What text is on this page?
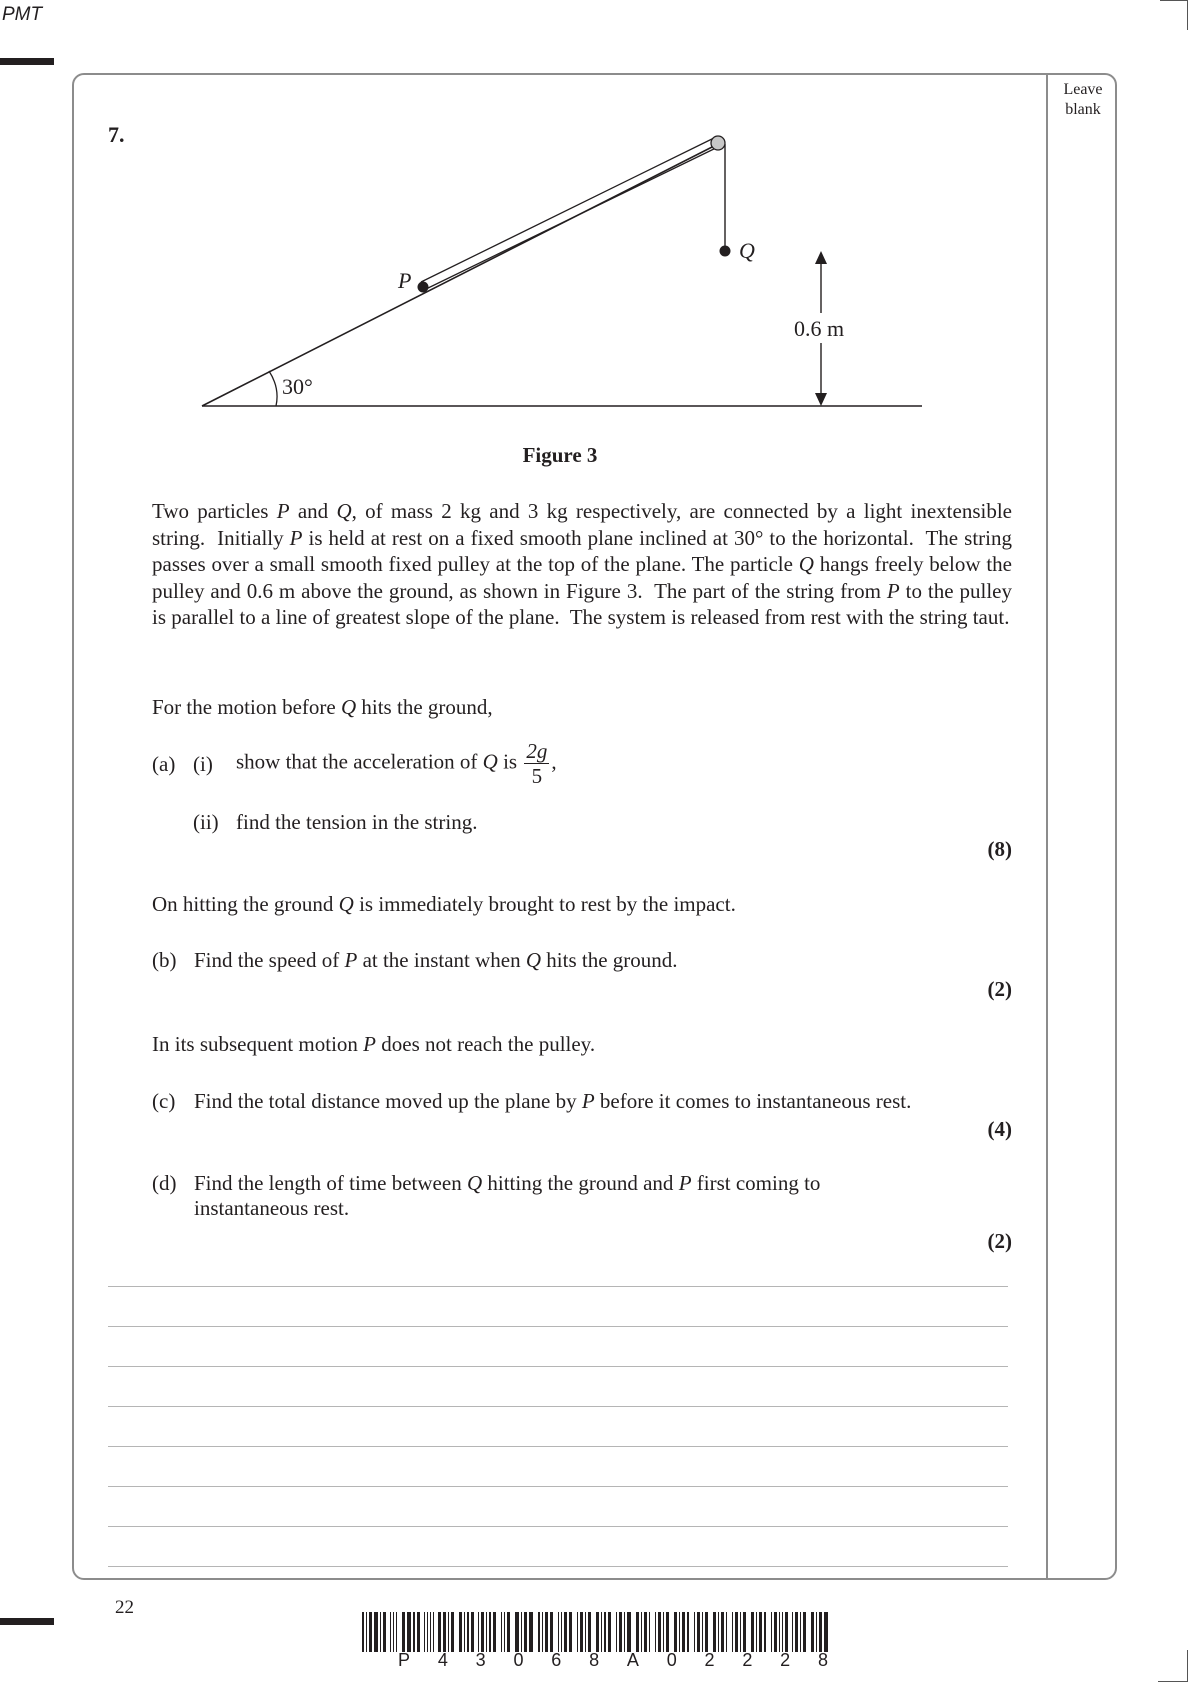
PMT
Leave
blank
7.
30°
P
Q
0.6 m
Figure 3
Two particles P and Q, of mass 2 kg and 3 kg respectively, are connected by a light inextensible string.  Initially P is held at rest on a fixed smooth plane inclined at 30° to the horizontal.  The string passes over a small smooth fixed pulley at the top of the plane. The particle Q hangs freely below the pulley and 0.6 m above the ground, as shown in Figure 3.  The part of the string from P to the pulley is parallel to a line of greatest slope of the plane.  The system is released from rest with the string taut.
For the motion before Q hits the ground,
(a) (i) show that the acceleration of Q is $\frac{2g}{5}$ ,
(ii) find the tension in the string.
(8)
On hitting the ground Q is immediately brought to rest by the impact.
(b) Find the speed of P at the instant when Q hits the ground.
(2)
In its subsequent motion P does not reach the pulley.
(c) Find the total distance moved up the plane by P before it comes to instantaneous rest.
(4)
(d) Find the length of time between Q hitting the ground and P first coming to
instantaneous rest.
(2)
22
P 4 3 0 6 8 A 0 2 2 2 8
